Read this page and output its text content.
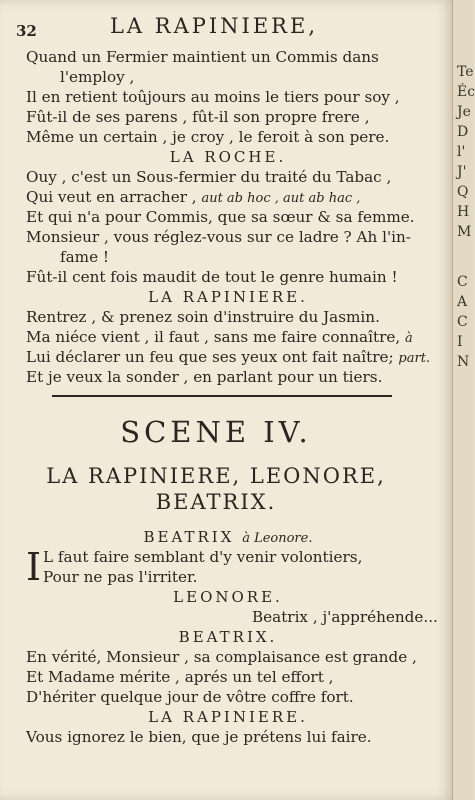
32	LA RAPINIERE,
Quand un Fermier maintient un Commis dans
l'employ ,
Il en retient toûjours au moins le tiers pour soy ,
Fût-il de ses parens , fût-il son propre frere ,
Même un certain , je croy , le feroit à son pere.
LA ROCHE.
Ouy , c'est un Sous-fermier du traité du Tabac ,
Qui veut en arracher , aut ab hoc , aut ab hac ,
Et qui n'a pour Commis, que sa sœur & sa femme.
Monsieur , vous réglez-vous sur ce ladre ? Ah l'in-
fame !
Fût-il cent fois maudit de tout le genre humain !
LA RAPINIERE.
Rentrez , & prenez soin d'instruire du Jasmin.
Ma niéce vient , il faut , sans me faire connaître, à
Lui déclarer un feu que ses yeux ont fait naître; part.
Et je veux la sonder , en parlant pour un tiers.
SCENE IV.
LA RAPINIERE, LEONORE,
BEATRIX.
BEATRIX à Leonore.
I L faut faire semblant d'y venir volontiers,
Pour ne pas l'irriter.
LEONORE.
Beatrix , j'appréhende...
BEATRIX.
En vérité, Monsieur , sa complaisance est grande ,
Et Madame mérite , aprés un tel effort ,
D'hériter quelque jour de vôtre coffre fort.
LA RAPINIERE.
Vous ignorez le bien, que je prétens lui faire.
Te
Éc
Je
D
l'
J'
Q
H
M
C
A
C
I
N
